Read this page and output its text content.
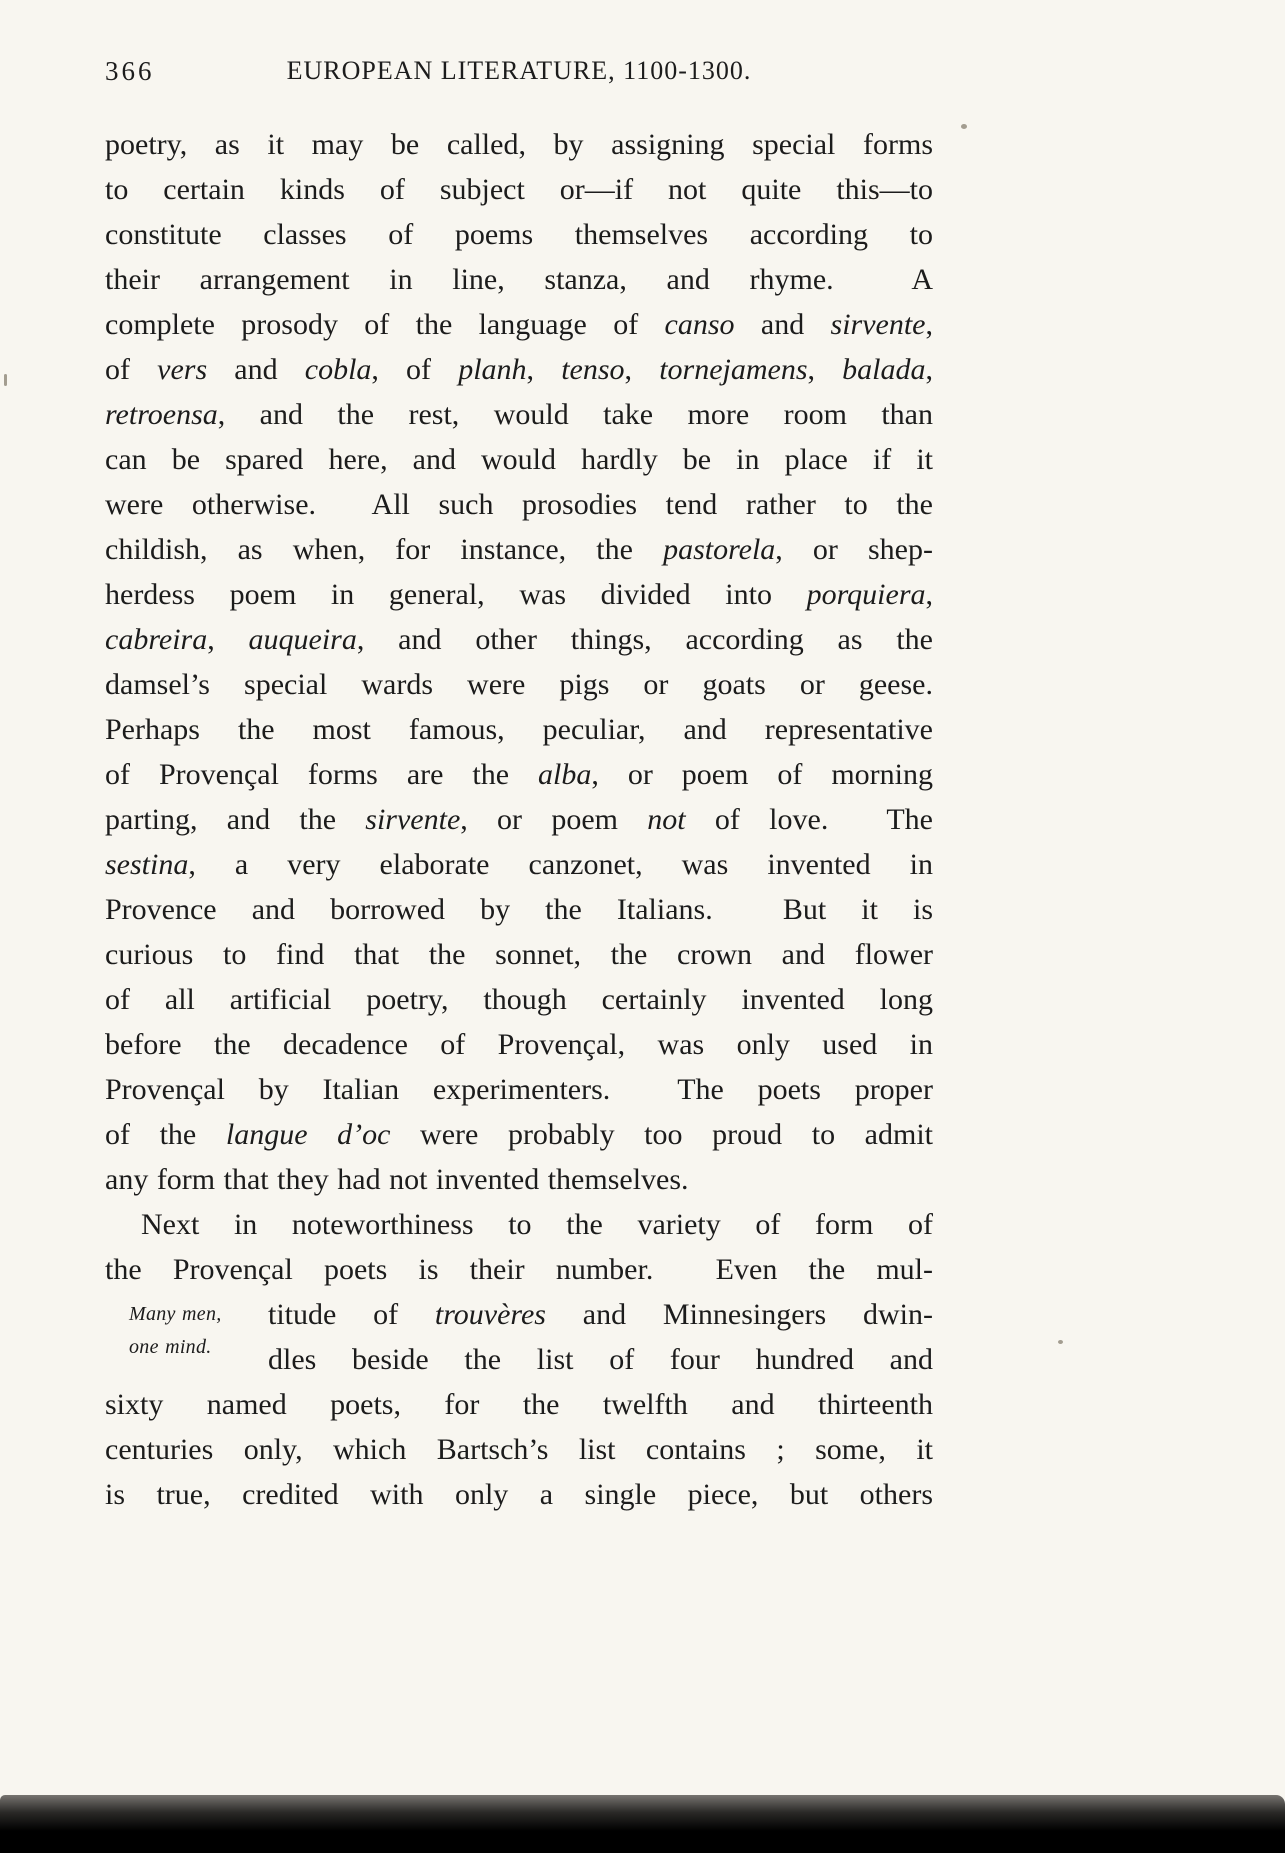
366	EUROPEAN LITERATURE, 1100-1300.
poetry, as it may be called, by assigning special forms
to certain kinds of subject or—if not quite this—to
constitute classes of poems themselves according to
their arrangement in line, stanza, and rhyme.  A
complete prosody of the language of canso and sirvente,
of vers and cobla, of planh, tenso, tornejamens, balada,
retroensa, and the rest, would take more room than
can be spared here, and would hardly be in place if it
were otherwise.  All such prosodies tend rather to the
childish, as when, for instance, the pastorela, or shep-
herdess poem in general, was divided into porquiera,
cabreira, auqueira, and other things, according as the
damsel’s special wards were pigs or goats or geese.
Perhaps the most famous, peculiar, and representative
of Provençal forms are the alba, or poem of morning
parting, and the sirvente, or poem not of love.  The
sestina, a very elaborate canzonet, was invented in
Provence and borrowed by the Italians.  But it is
curious to find that the sonnet, the crown and flower
of all artificial poetry, though certainly invented long
before the decadence of Provençal, was only used in
Provençal by Italian experimenters.  The poets proper
of the langue d’oc were probably too proud to admit
any form that they had not invented themselves.
Next in noteworthiness to the variety of form of
the Provençal poets is their number.  Even the mul-
titude of trouvères and Minnesingers dwin-
Many men,
one mind.	dles beside the list of four hundred and
sixty named poets, for the twelfth and thirteenth
centuries only, which Bartsch’s list contains ; some, it
is true, credited with only a single piece, but others
